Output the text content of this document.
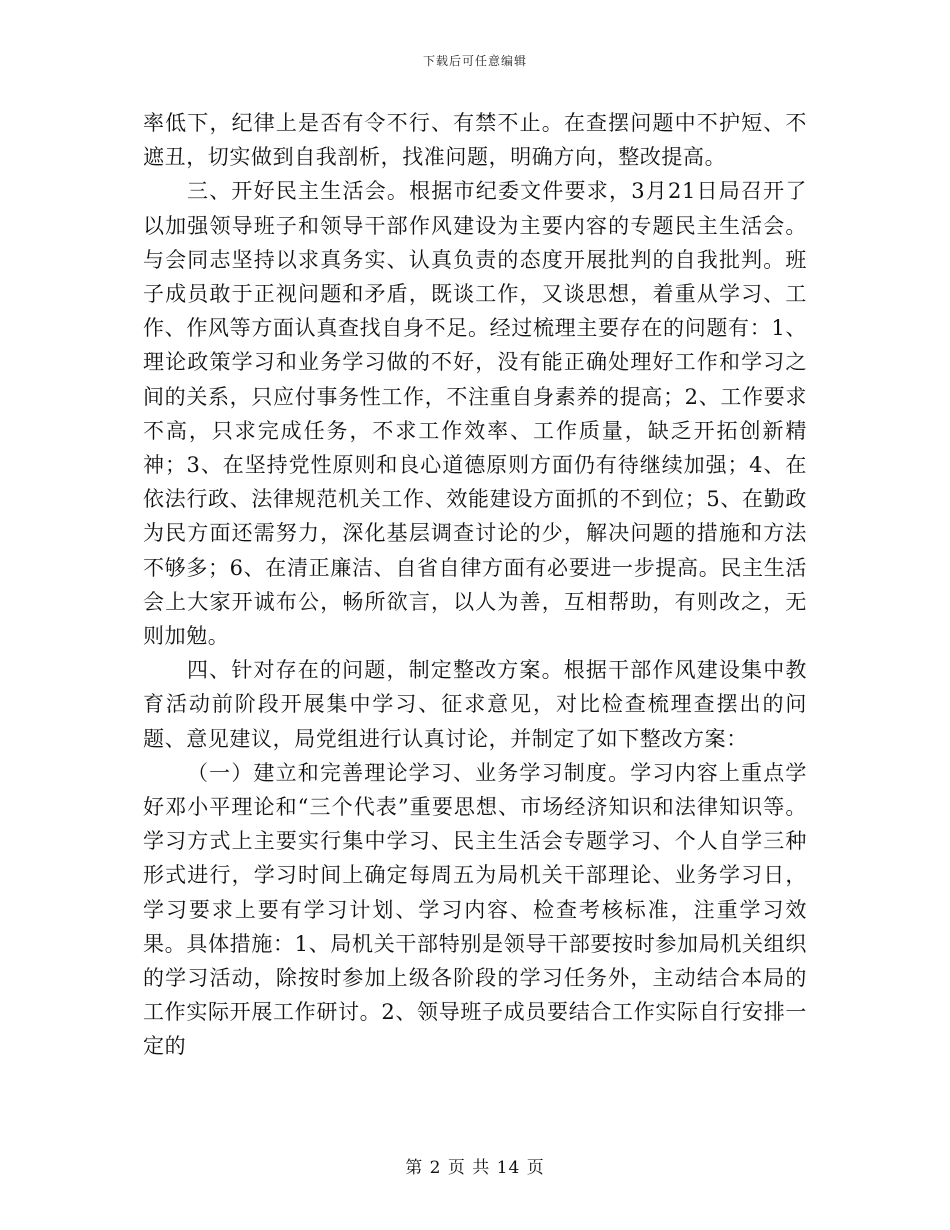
下载后可任意编辑

率低下，纪律上是否有令不行、有禁不止。在查摆问题中不护短、不遮丑，切实做到自我剖析，找准问题，明确方向，整改提高。

三、开好民主生活会。根据市纪委文件要求，3月21日局召开了以加强领导班子和领导干部作风建设为主要内容的专题民主生活会。与会同志坚持以求真务实、认真负责的态度开展批判的自我批判。班子成员敢于正视问题和矛盾，既谈工作，又谈思想，着重从学习、工作、作风等方面认真查找自身不足。经过梳理主要存在的问题有：1、理论政策学习和业务学习做的不好，没有能正确处理好工作和学习之间的关系，只应付事务性工作，不注重自身素养的提高；2、工作要求不高，只求完成任务，不求工作效率、工作质量，缺乏开拓创新精神；3、在坚持党性原则和良心道德原则方面仍有待继续加强；4、在依法行政、法律规范机关工作、效能建设方面抓的不到位；5、在勤政为民方面还需努力，深化基层调查讨论的少，解决问题的措施和方法不够多；6、在清正廉洁、自省自律方面有必要进一步提高。民主生活会上大家开诚布公，畅所欲言，以人为善，互相帮助，有则改之，无则加勉。

四、针对存在的问题，制定整改方案。根据干部作风建设集中教育活动前阶段开展集中学习、征求意见，对比检查梳理查摆出的问题、意见建议，局党组进行认真讨论，并制定了如下整改方案：

（一）建立和完善理论学习、业务学习制度。学习内容上重点学好邓小平理论和“三个代表”重要思想、市场经济知识和法律知识等。学习方式上主要实行集中学习、民主生活会专题学习、个人自学三种形式进行，学习时间上确定每周五为局机关干部理论、业务学习日，学习要求上要有学习计划、学习内容、检查考核标准，注重学习效果。具体措施：1、局机关干部特别是领导干部要按时参加局机关组织的学习活动，除按时参加上级各阶段的学习任务外，主动结合本局的工作实际开展工作研讨。2、领导班子成员要结合工作实际自行安排一定的

第 2 页 共 14 页
